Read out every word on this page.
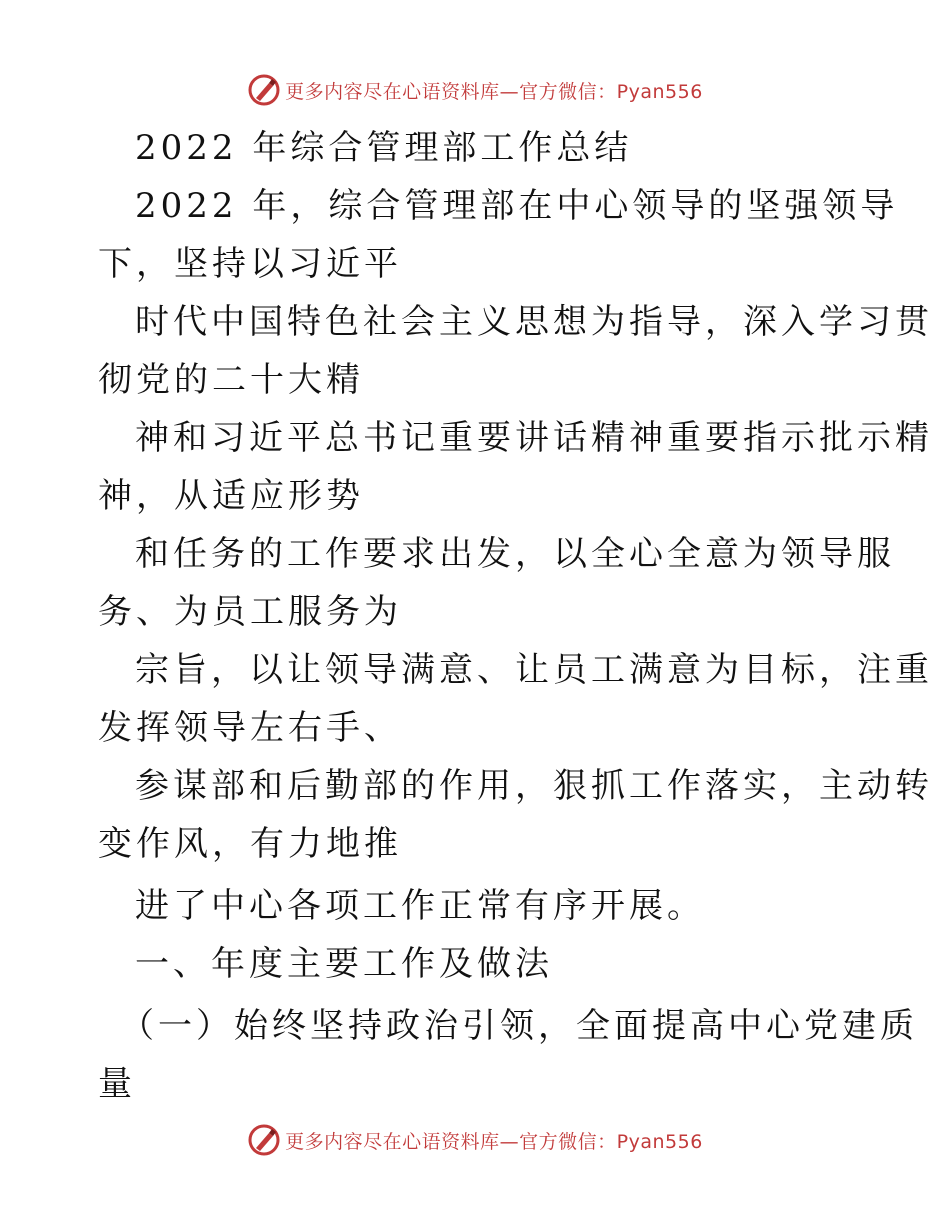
更多内容尽在心语资料库—官方微信：Pyan556
2022 年综合管理部工作总结
2022 年，综合管理部在中心领导的坚强领导
下，坚持以习近平
时代中国特色社会主义思想为指导，深入学习贯
彻党的二十大精
神和习近平总书记重要讲话精神重要指示批示精
神，从适应形势
和任务的工作要求出发，以全心全意为领导服
务、为员工服务为
宗旨，以让领导满意、让员工满意为目标，注重
发挥领导左右手、
参谋部和后勤部的作用，狠抓工作落实，主动转
变作风，有力地推
进了中心各项工作正常有序开展。
一、年度主要工作及做法
（一）始终坚持政治引领，全面提高中心党建质
量
更多内容尽在心语资料库—官方微信：Pyan556
